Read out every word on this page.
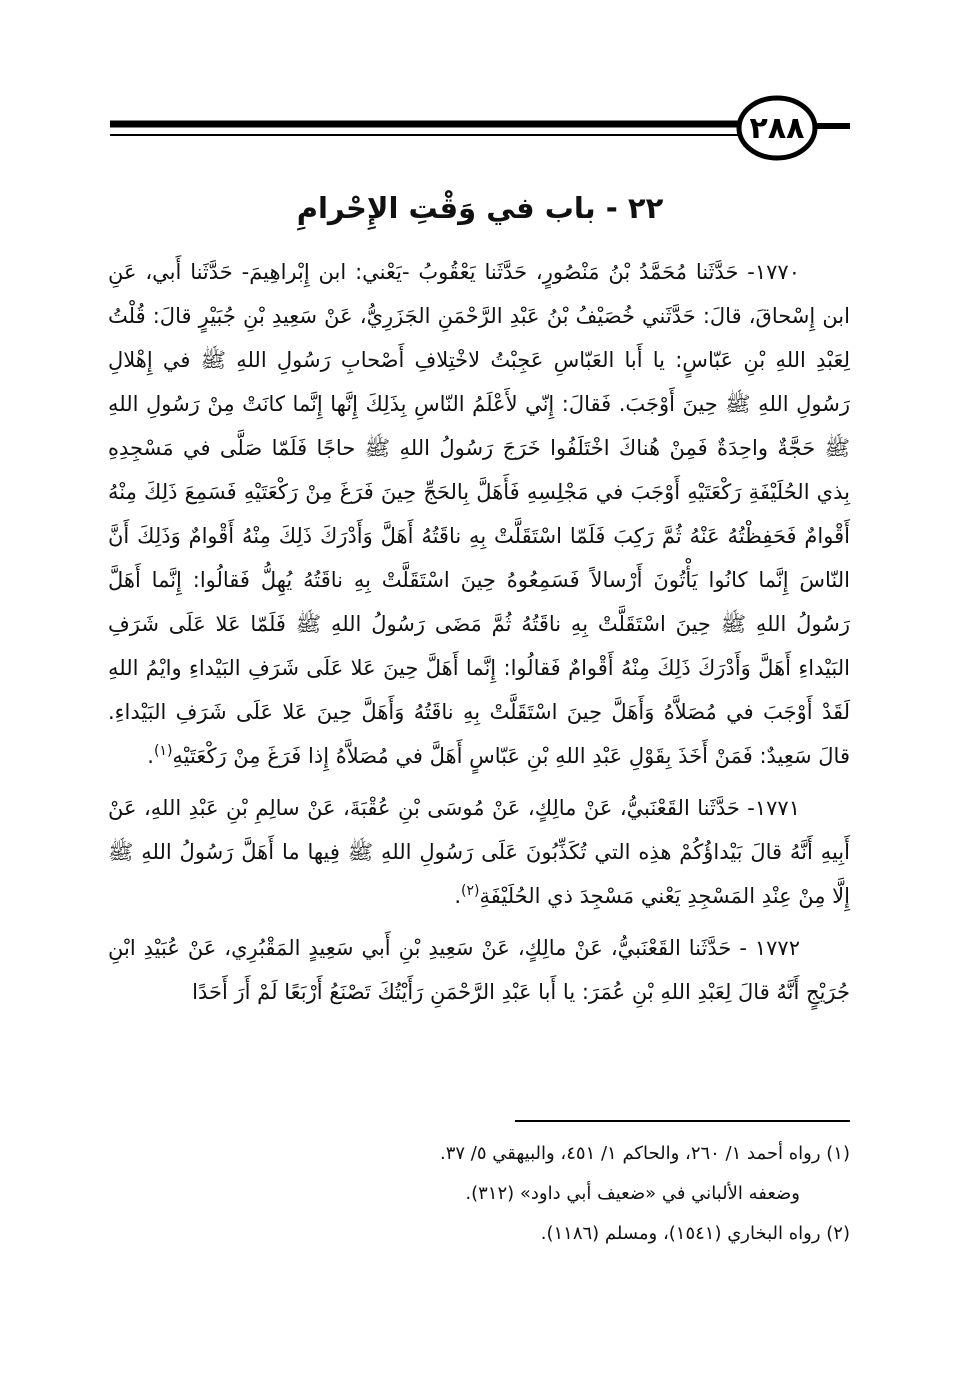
٢٨٨
٢٢ - باب في وَقْتِ الإِحْرامِ

١٧٧٠- حَدَّثَنا مُحَمَّدُ بْنُ مَنْصُورٍ، حَدَّثَنا يَعْقُوبُ -يَعْني: ابن إِبْراهِيمَ- حَدَّثَنا أَبي، عَنِ ابن إِسْحاقَ، قالَ: حَدَّثَني خُصَيْفُ بْنُ عَبْدِ الرَّحْمَنِ الجَزَرِيُّ، عَنْ سَعِيدِ بْنِ جُبَيْرٍ قالَ: قُلْتُ لِعَبْدِ اللهِ بْنِ عَبّاسٍ: يا أَبا العَبّاسِ عَجِبْتُ لاخْتِلافِ أَصْحابِ رَسُولِ اللهِ ﷺ في إِهْلالِ رَسُولِ اللهِ ﷺ حِينَ أَوْجَبَ. فَقالَ: إِنّي لأَعْلَمُ النّاسِ بِذَلِكَ إِنَّها إِنَّما كانَتْ مِنْ رَسُولِ اللهِ ﷺ حَجَّةٌ واحِدَةٌ فَمِنْ هُناكَ اخْتَلَفُوا خَرَجَ رَسُولُ اللهِ ﷺ حاجًا فَلَمّا صَلَّى في مَسْجِدِهِ بِذي الحُلَيْفَةِ رَكْعَتَيْهِ أَوْجَبَ في مَجْلِسِهِ فَأَهَلَّ بِالحَجِّ حِينَ فَرَغَ مِنْ رَكْعَتَيْهِ فَسَمِعَ ذَلِكَ مِنْهُ أَقْوامٌ فَحَفِظْتُهُ عَنْهُ ثُمَّ رَكِبَ فَلَمّا اسْتَقَلَّتْ بِهِ ناقَتُهُ أَهَلَّ وَأَدْرَكَ ذَلِكَ مِنْهُ أَقْوامٌ وَذَلِكَ أَنَّ النّاسَ إِنَّما كانُوا يَأْتُونَ أَرْسالاً فَسَمِعُوهُ حِينَ اسْتَقَلَّتْ بِهِ ناقَتُهُ يُهِلُّ فَقالُوا: إِنَّما أَهَلَّ رَسُولُ اللهِ ﷺ حِينَ اسْتَقَلَّتْ بِهِ ناقَتُهُ ثُمَّ مَضَى رَسُولُ اللهِ ﷺ فَلَمّا عَلا عَلَى شَرَفِ البَيْداءِ أَهَلَّ وَأَدْرَكَ ذَلِكَ مِنْهُ أَقْوامٌ فَقالُوا: إِنَّما أَهَلَّ حِينَ عَلا عَلَى شَرَفِ البَيْداءِ وايْمُ اللهِ لَقَدْ أَوْجَبَ في مُصَلاَّهُ وَأَهَلَّ حِينَ اسْتَقَلَّتْ بِهِ ناقَتُهُ وَأَهَلَّ حِينَ عَلا عَلَى شَرَفِ البَيْداءِ. قالَ سَعِيدٌ: فَمَنْ أَخَذَ بِقَوْلِ عَبْدِ اللهِ بْنِ عَبّاسٍ أَهَلَّ في مُصَلاَّهُ إِذا فَرَغَ مِنْ رَكْعَتَيْهِ$^{(١)}$.

١٧٧١- حَدَّثَنا القَعْنَبيُّ، عَنْ مالِكٍ، عَنْ مُوسَى بْنِ عُقْبَةَ، عَنْ سالِمِ بْنِ عَبْدِ اللهِ، عَنْ أَبِيهِ أَنَّهُ قالَ بَيْداؤُكُمْ هذِه التي تُكَذِّبُونَ عَلَى رَسُولِ اللهِ ﷺ فِيها ما أَهَلَّ رَسُولُ اللهِ ﷺ إِلَّا مِنْ عِنْدِ المَسْجِدِ يَعْني مَسْجِدَ ذي الحُلَيْفَةِ$^{(٢)}$.

١٧٧٢ - حَدَّثَنا القَعْنَبيُّ، عَنْ مالِكٍ، عَنْ سَعِيدِ بْنِ أَبي سَعِيدٍ المَقْبُرِي، عَنْ عُبَيْدِ ابْنِ جُرَيْجٍ أَنَّهُ قالَ لِعَبْدِ اللهِ بْنِ عُمَرَ: يا أَبا عَبْدِ الرَّحْمَنِ رَأَيْتُكَ تَصْنَعُ أَرْبَعًا لَمْ أَرَ أَحَدًا

(١) رواه أحمد ١/ ٢٦٠، والحاكم ١/ ٤٥١، والبيهقي ٥/ ٣٧.
وضعفه الألباني في «ضعيف أبي داود» (٣١٢).
(٢) رواه البخاري (١٥٤١)، ومسلم (١١٨٦).
